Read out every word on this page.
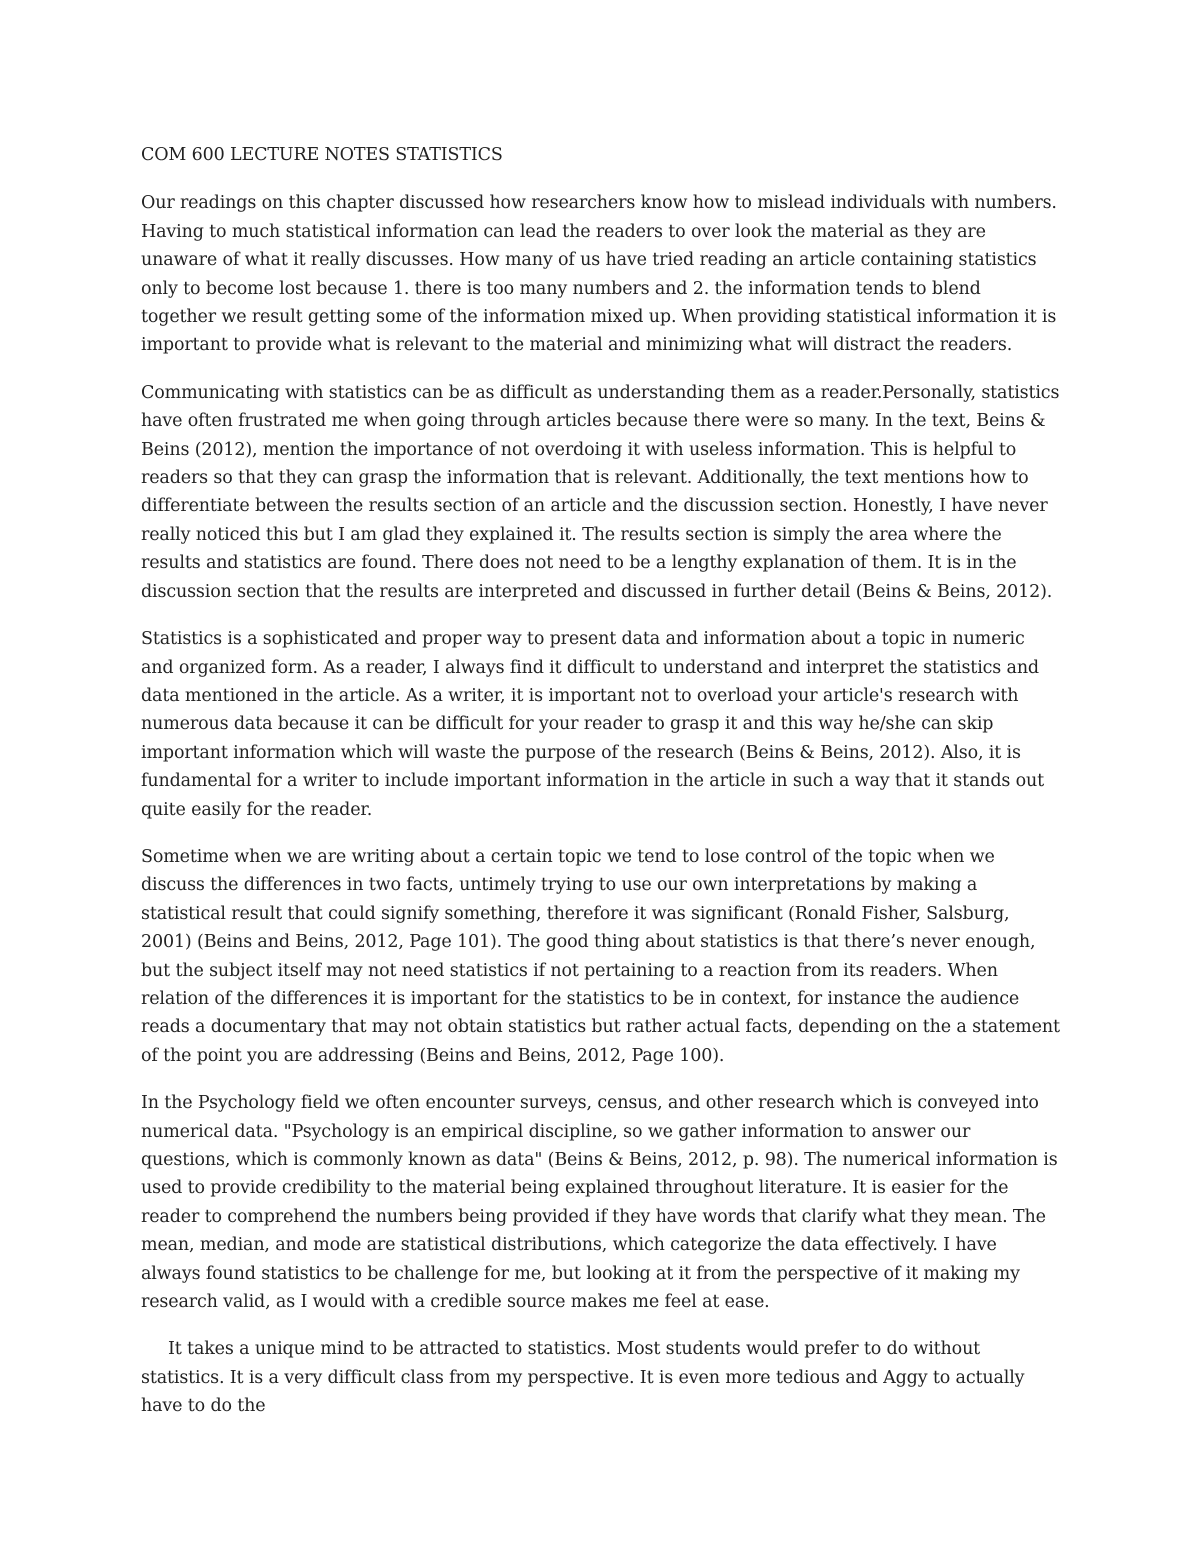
COM 600 LECTURE NOTES STATISTICS

Our readings on this chapter discussed how researchers know how to mislead individuals with numbers. Having to much statistical information can lead the readers to over look the material as they are unaware of what it really discusses. How many of us have tried reading an article containing statistics only to become lost because 1. there is too many numbers and 2. the information tends to blend together we result getting some of the information mixed up. When providing statistical information it is important to provide what is relevant to the material and minimizing what will distract the readers.

Communicating with statistics can be as difficult as understanding them as a reader.Personally, statistics have often frustrated me when going through articles because there were so many. In the text, Beins & Beins (2012), mention the importance of not overdoing it with useless information. This is helpful to readers so that they can grasp the information that is relevant. Additionally, the text mentions how to differentiate between the results section of an article and the discussion section. Honestly, I have never really noticed this but I am glad they explained it. The results section is simply the area where the results and statistics are found. There does not need to be a lengthy explanation of them. It is in the discussion section that the results are interpreted and discussed in further detail (Beins & Beins, 2012).

Statistics is a sophisticated and proper way to present data and information about a topic in numeric and organized form. As a reader, I always find it difficult to understand and interpret the statistics and data mentioned in the article. As a writer, it is important not to overload your article's research with numerous data because it can be difficult for your reader to grasp it and this way he/she can skip important information which will waste the purpose of the research (Beins & Beins, 2012). Also, it is fundamental for a writer to include important information in the article in such a way that it stands out quite easily for the reader.

Sometime when we are writing about a certain topic we tend to lose control of the topic when we discuss the differences in two facts, untimely trying to use our own interpretations by making a statistical result that could signify something, therefore it was significant (Ronald Fisher, Salsburg, 2001) (Beins and Beins, 2012, Page 101). The good thing about statistics is that there’s never enough, but the subject itself may not need statistics if not pertaining to a reaction from its readers. When relation of the differences it is important for the statistics to be in context, for instance the audience reads a documentary that may not obtain statistics but rather actual facts, depending on the a statement of the point you are addressing (Beins and Beins, 2012, Page 100).

In the Psychology field we often encounter surveys, census, and other research which is conveyed into numerical data. "Psychology is an empirical discipline, so we gather information to answer our questions, which is commonly known as data" (Beins & Beins, 2012, p. 98). The numerical information is used to provide credibility to the material being explained throughout literature. It is easier for the reader to comprehend the numbers being provided if they have words that clarify what they mean. The mean, median, and mode are statistical distributions, which categorize the data effectively. I have always found statistics to be challenge for me, but looking at it from the perspective of it making my research valid, as I would with a credible source makes me feel at ease.

It takes a unique mind to be attracted to statistics. Most students would prefer to do without statistics. It is a very difficult class from my perspective. It is even more tedious and Aggy to actually have to do the
